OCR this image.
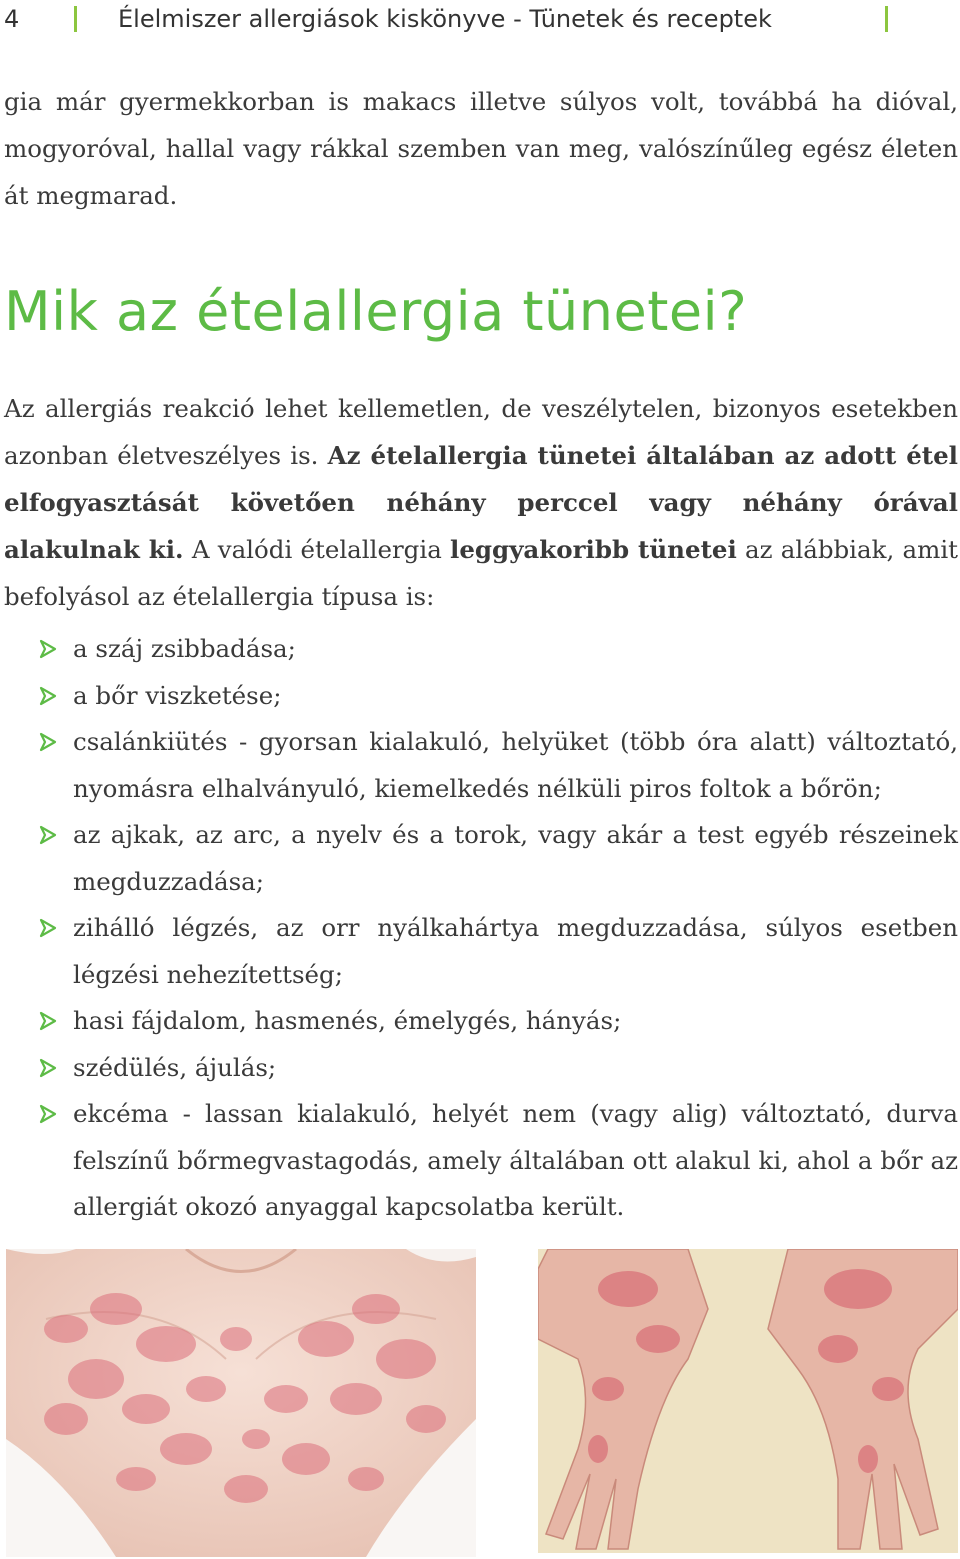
4	Élelmiszer allergiások kiskönyve - Tünetek és receptek

gia már gyermekkorban is makacs illetve súlyos volt, továbbá ha dióval, mogyoróval, hallal vagy rákkal szemben van meg, valószínűleg egész életen át megmarad.

Mik az ételallergia tünetei?

Az allergiás reakció lehet kellemetlen, de veszélytelen, bizonyos esetekben azonban életveszélyes is. Az ételallergia tünetei általában az adott étel elfogyasztását követően néhány perccel vagy néhány órával alakulnak ki. A valódi ételallergia leggyakoribb tünetei az alábbiak, amit befolyásol az ételallergia típusa is:

a száj zsibbadása;
a bőr viszketése;
csalánkiütés - gyorsan kialakuló, helyüket (több óra alatt) változtató, nyomásra elhalványuló, kiemelkedés nélküli piros foltok a bőrön;
az ajkak, az arc, a nyelv és a torok, vagy akár a test egyéb részeinek megduzzadása;
zihálló légzés, az orr nyálkahártya megduzzadása, súlyos esetben légzési nehezítettség;
hasi fájdalom, hasmenés, émelygés, hányás;
szédülés, ájulás;
ekcéma - lassan kialakuló, helyét nem (vagy alig) változtató, durva felszínű bőrmegvastagodás, amely általában ott alakul ki, ahol a bőr az allergiát okozó anyaggal kapcsolatba került.
